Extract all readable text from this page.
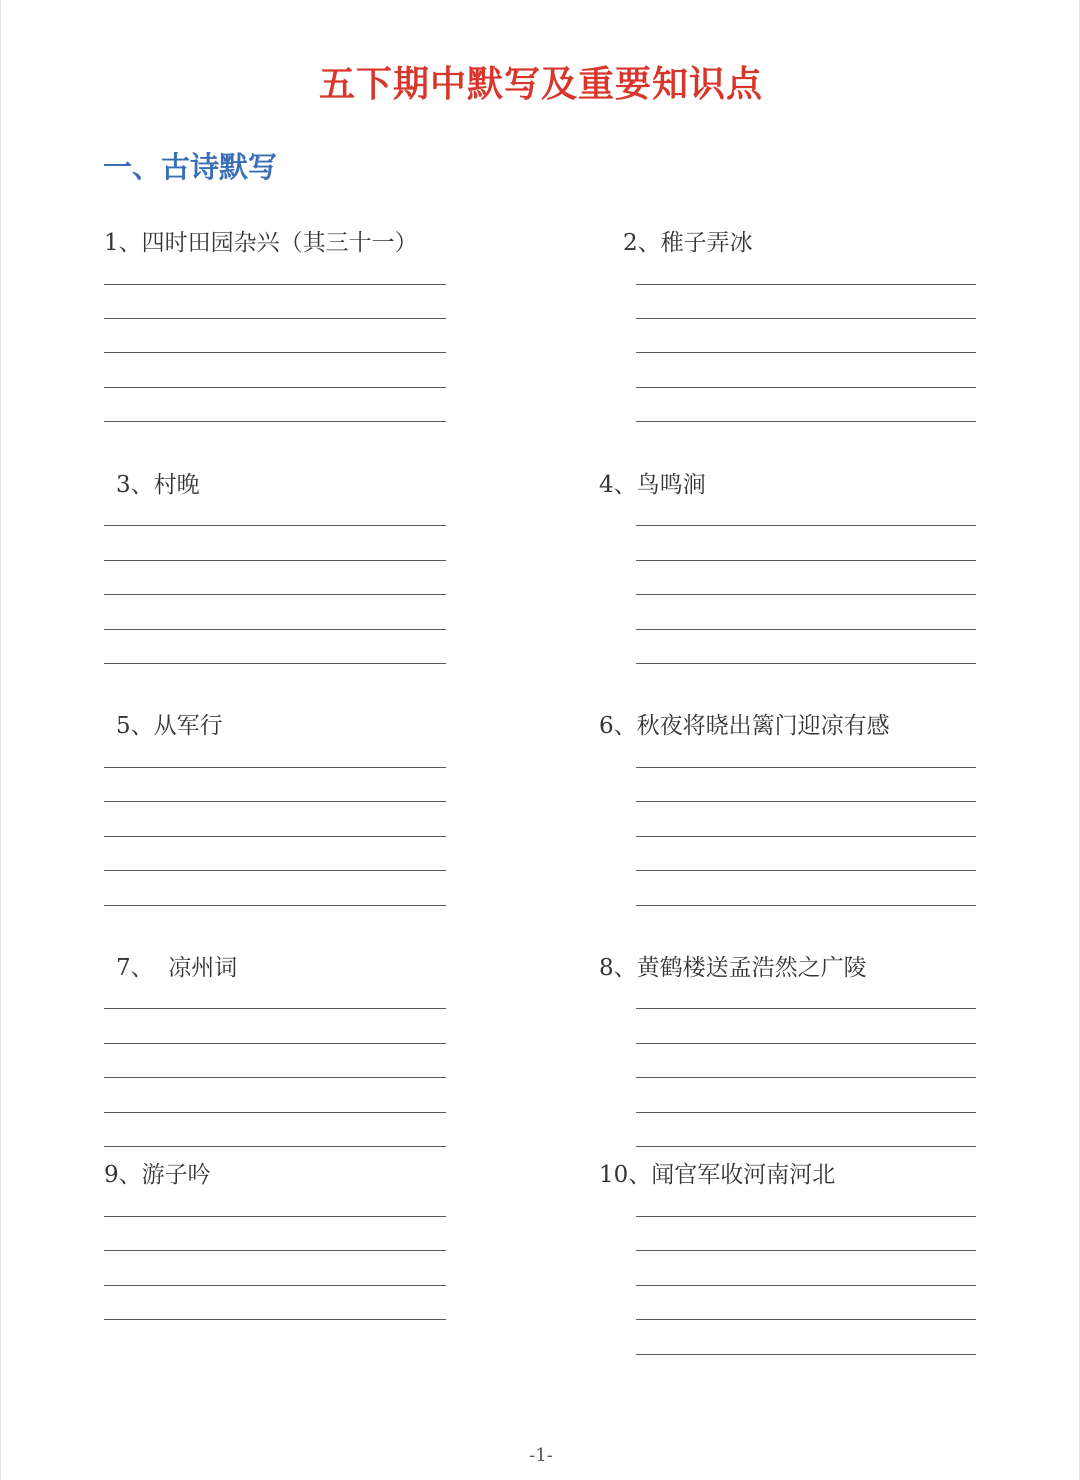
五下期中默写及重要知识点
一、古诗默写
1、四时田园杂兴（其三十一）	2、稚子弄冰
3、村晚	4、鸟鸣涧
5、从军行	6、秋夜将晓出篱门迎凉有感
7、  凉州词	8、黄鹤楼送孟浩然之广陵
9、游子吟	10、闻官军收河南河北
-1-
